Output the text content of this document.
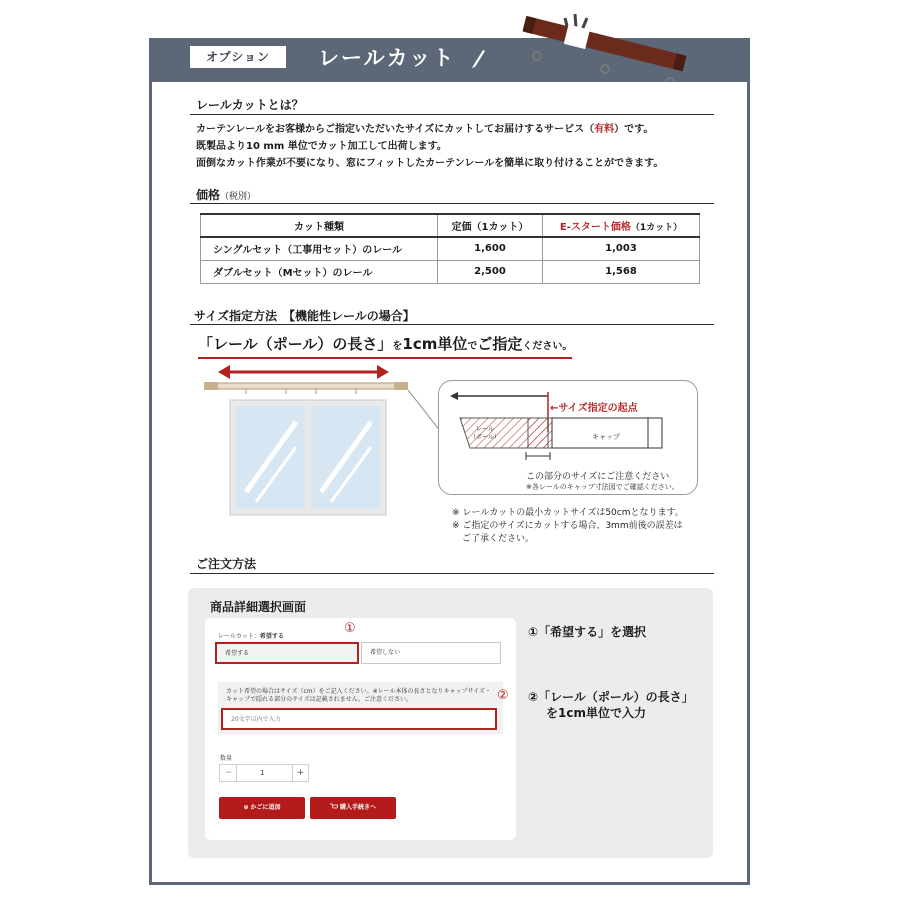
オプション	レールカット
レールカットとは？
カーテンレールをお客様からご指定いただいたサイズにカットしてお届けするサービス（有料）です。
既製品より10 mm 単位でカット加工して出荷します。
面倒なカット作業が不要になり、窓にフィットしたカーテンレールを簡単に取り付けることができます。
価格（税別）
カット種類	定価（1カット）	E-スタート価格（1カット）
シングルセット（工事用セット）のレール	1,600	1,003
ダブルセット（Mセット）のレール	2,500	1,568
サイズ指定方法　【機能性レールの場合】
「レール（ポール）の長さ」を1cm単位でご指定ください。
←サイズ指定の起点
レール
（ポール）	キャップ
この部分のサイズにご注意ください
※各レールのキャップ寸法図でご確認ください。
※ レールカットの最小カットサイズは50cmとなります。
※ ご指定のサイズにカットする場合、3mm前後の誤差は
ご了承ください。
ご注文方法
商品詳細選択画面
レールカット：希望する
①
希望する	希望しない
カット希望の場合はサイズ（cm）をご記入ください。※レール本体の長さとなりキャップサイズ・キャップで隠れる部分のサイズは記載されません。ご注意ください。	②
20文字以内で入力
数量
−	1	+
⊕ かごに追加	購入手続きへ
①「希望する」を選択
②「レール（ポール）の長さ」
を1cm単位で入力
